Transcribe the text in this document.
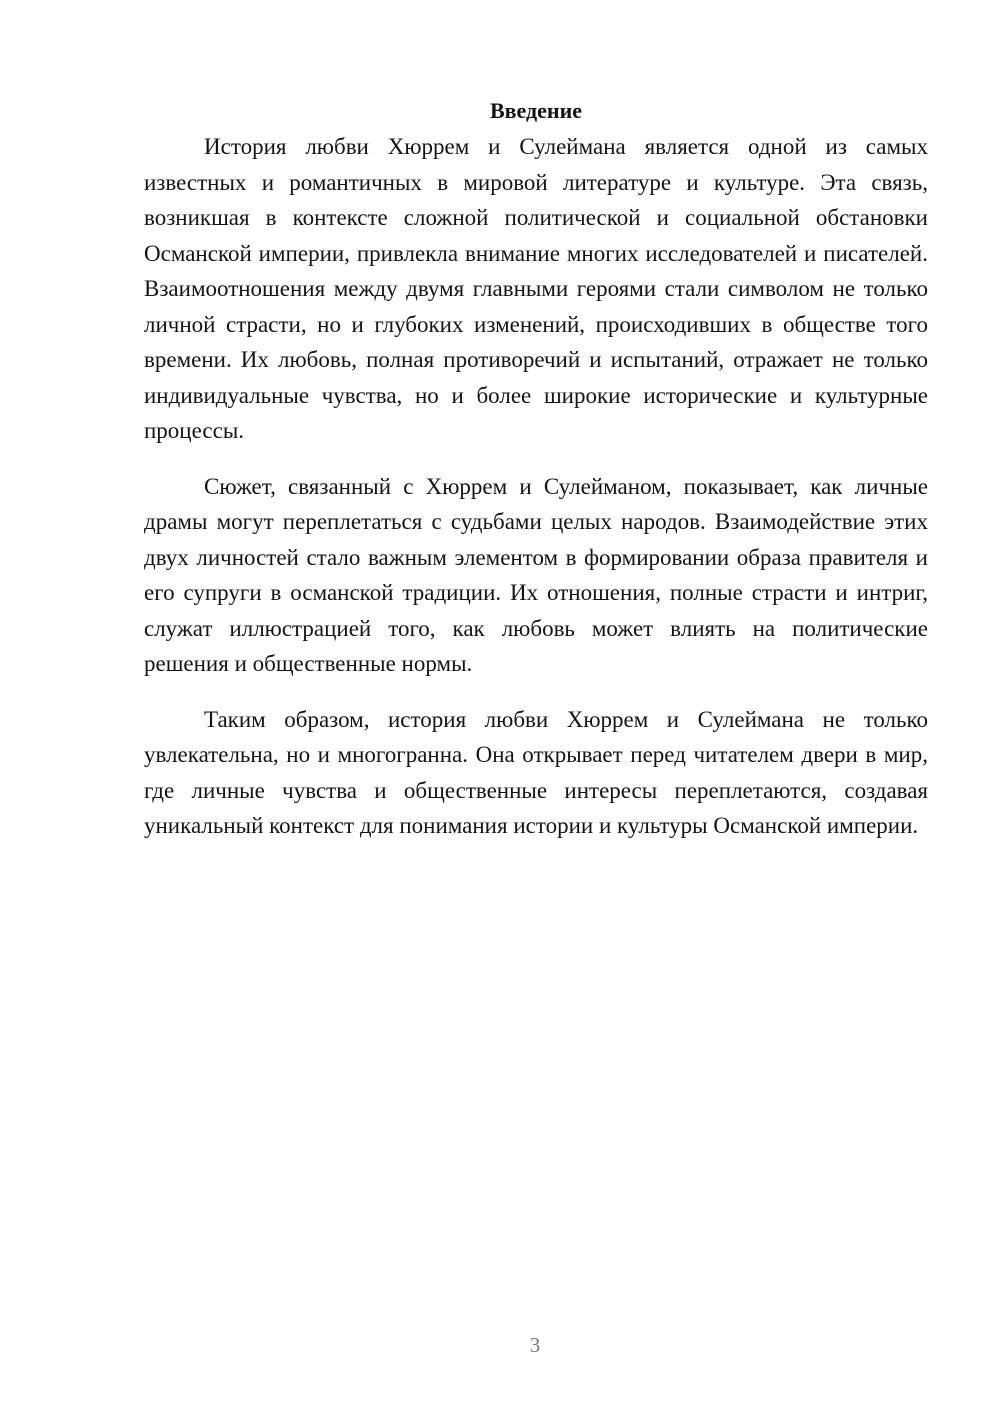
Введение

История любви Хюррем и Сулеймана является одной из самых известных и романтичных в мировой литературе и культуре. Эта связь, возникшая в контексте сложной политической и социальной обстановки Османской империи, привлекла внимание многих исследователей и писателей. Взаимоотношения между двумя главными героями стали символом не только личной страсти, но и глубоких изменений, происходивших в обществе того времени. Их любовь, полная противоречий и испытаний, отражает не только индивидуальные чувства, но и более широкие исторические и культурные процессы.

Сюжет, связанный с Хюррем и Сулейманом, показывает, как личные драмы могут переплетаться с судьбами целых народов. Взаимодействие этих двух личностей стало важным элементом в формировании образа правителя и его супруги в османской традиции. Их отношения, полные страсти и интриг, служат иллюстрацией того, как любовь может влиять на политические решения и общественные нормы.

Таким образом, история любви Хюррем и Сулеймана не только увлекательна, но и многогранна. Она открывает перед читателем двери в мир, где личные чувства и общественные интересы переплетаются, создавая уникальный контекст для понимания истории и культуры Османской империи.

3
